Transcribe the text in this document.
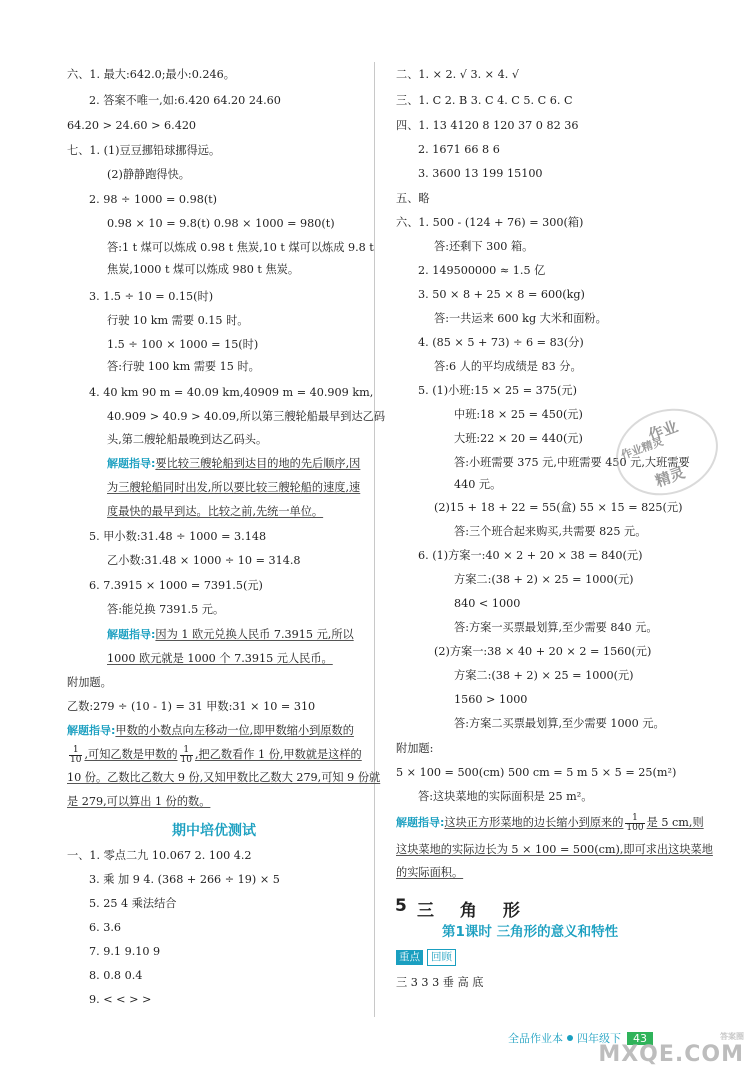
六、1. 最大:642.0;最小:0.246。
2. 答案不唯一,如:6.420 64.20 24.60
64.20 > 24.60 > 6.420
七、1. (1)豆豆挪铅球挪得远。
(2)静静跑得快。
2. 98 ÷ 1000 = 0.98(t)
0.98 × 10 = 9.8(t) 0.98 × 1000 = 980(t)
答:1 t 煤可以炼成 0.98 t 焦炭,10 t 煤可以炼成 9.8 t
焦炭,1000 t 煤可以炼成 980 t 焦炭。
3. 1.5 ÷ 10 = 0.15(时)
行驶 10 km 需要 0.15 时。
1.5 ÷ 100 × 1000 = 15(时)
答:行驶 100 km 需要 15 时。
4. 40 km 90 m = 40.09 km,40909 m = 40.909 km,
40.909 > 40.9 > 40.09,所以第三艘轮船最早到达乙码
头,第二艘轮船最晚到达乙码头。
解题指导:要比较三艘轮船到达目的地的先后顺序,因
为三艘轮船同时出发,所以要比较三艘轮船的速度,速
度最快的最早到达。比较之前,先统一单位。
5. 甲小数:31.48 ÷ 1000 = 3.148
乙小数:31.48 × 1000 ÷ 10 = 314.8
6. 7.3915 × 1000 = 7391.5(元)
答:能兑换 7391.5 元。
解题指导:因为 1 欧元兑换人民币 7.3915 元,所以
1000 欧元就是 1000 个 7.3915 元人民币。
附加题。
乙数:279 ÷ (10 - 1) = 31 甲数:31 × 10 = 310
解题指导:甲数的小数点向左移动一位,即甲数缩小到原数的
$\frac{1}{10}$ ,可知乙数是甲数的 $\frac{1}{10}$ ,把乙数看作 1 份,甲数就是这样的
10 份。乙数比乙数大 9 份,又知甲数比乙数大 279,可知 9 份就
是 279,可以算出 1 份的数。
期中培优测试
一、1. 零点二九 10.067 2. 100 4.2
3. 乘 加 9 4. (368 + 266 ÷ 19) × 5
5. 25 4 乘法结合
6. 3.6
7. 9.1 9.10 9
8. 0.8 0.4
9. < < > >
二、1. × 2. √ 3. × 4. √
三、1. C 2. B 3. C 4. C 5. C 6. C
四、1. 13 4120 8 120 37 0 82 36
2. 1671 66 8 6
3. 3600 13 199 15100
五、略
六、1. 500 - (124 + 76) = 300(箱)
答:还剩下 300 箱。
2. 149500000 ≈ 1.5 亿
3. 50 × 8 + 25 × 8 = 600(kg)
答:一共运来 600 kg 大米和面粉。
4. (85 × 5 + 73) ÷ 6 = 83(分)
答:6 人的平均成绩是 83 分。
5. (1)小班:15 × 25 = 375(元)
中班:18 × 25 = 450(元)
大班:22 × 20 = 440(元)
答:小班需要 375 元,中班需要 450 元,大班需要
440 元。
(2)15 + 18 + 22 = 55(盒) 55 × 15 = 825(元)
答:三个班合起来购买,共需要 825 元。
6. (1)方案一:40 × 2 + 20 × 38 = 840(元)
方案二:(38 + 2) × 25 = 1000(元)
840 < 1000
答:方案一买票最划算,至少需要 840 元。
(2)方案一:38 × 40 + 20 × 2 = 1560(元)
方案二:(38 + 2) × 25 = 1000(元)
1560 > 1000
答:方案二买票最划算,至少需要 1000 元。
附加题:
5 × 100 = 500(cm) 500 cm = 5 m 5 × 5 = 25(m²)
答:这块菜地的实际面积是 25 m²。
解题指导:这块正方形菜地的边长缩小到原来的 $\frac{1}{100}$ 是 5 cm,则
这块菜地的实际边长为 5 × 100 = 500(cm),即可求出这块菜地
的实际面积。
5 三 角 形
第1课时 三角形的意义和特性
重点	回顾
三 3 3 3 垂 高 底
作业
作业精灵
精灵
全品作业本 四年级下 43	答案圈
MXQE.COM
